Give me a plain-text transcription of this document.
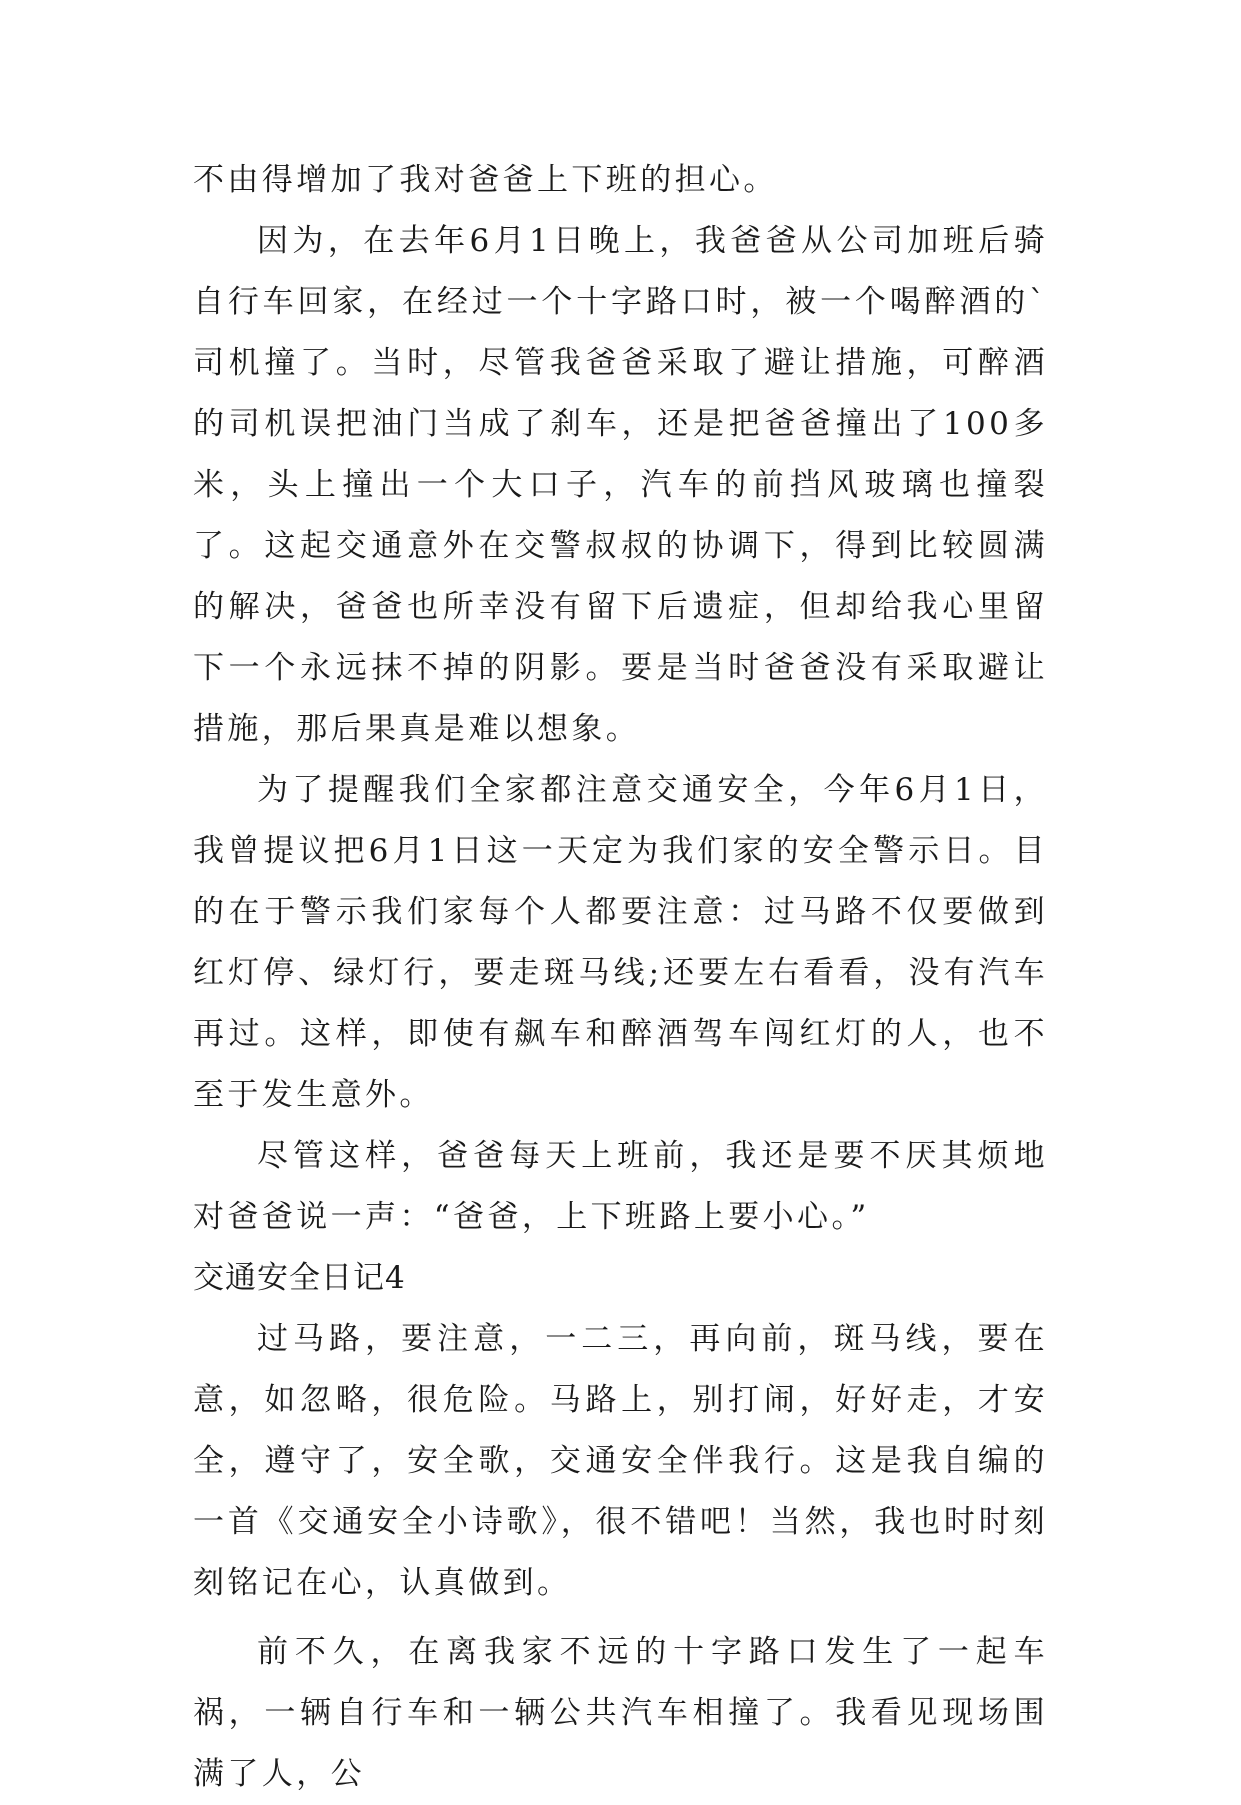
不由得增加了我对爸爸上下班的担心。

因为，在去年6月1日晚上，我爸爸从公司加班后骑自行车回家，在经过一个十字路口时，被一个喝醉酒的`司机撞了。当时，尽管我爸爸采取了避让措施，可醉酒的司机误把油门当成了刹车，还是把爸爸撞出了100多米，头上撞出一个大口子，汽车的前挡风玻璃也撞裂了。这起交通意外在交警叔叔的协调下，得到比较圆满的解决，爸爸也所幸没有留下后遗症，但却给我心里留下一个永远抹不掉的阴影。要是当时爸爸没有采取避让措施，那后果真是难以想象。

为了提醒我们全家都注意交通安全，今年6月1日，我曾提议把6月1日这一天定为我们家的安全警示日。目的在于警示我们家每个人都要注意：过马路不仅要做到红灯停、绿灯行，要走斑马线;还要左右看看，没有汽车再过。这样，即使有飙车和醉酒驾车闯红灯的人，也不至于发生意外。

尽管这样，爸爸每天上班前，我还是要不厌其烦地对爸爸说一声：“爸爸，上下班路上要小心。”

交通安全日记4

过马路，要注意，一二三，再向前，斑马线，要在意，如忽略，很危险。马路上，别打闹，好好走，才安全，遵守了，安全歌，交通安全伴我行。这是我自编的一首《交通安全小诗歌》，很不错吧！当然，我也时时刻刻铭记在心，认真做到。

前不久，在离我家不远的十字路口发生了一起车祸，一辆自行车和一辆公共汽车相撞了。我看见现场围满了人，公
